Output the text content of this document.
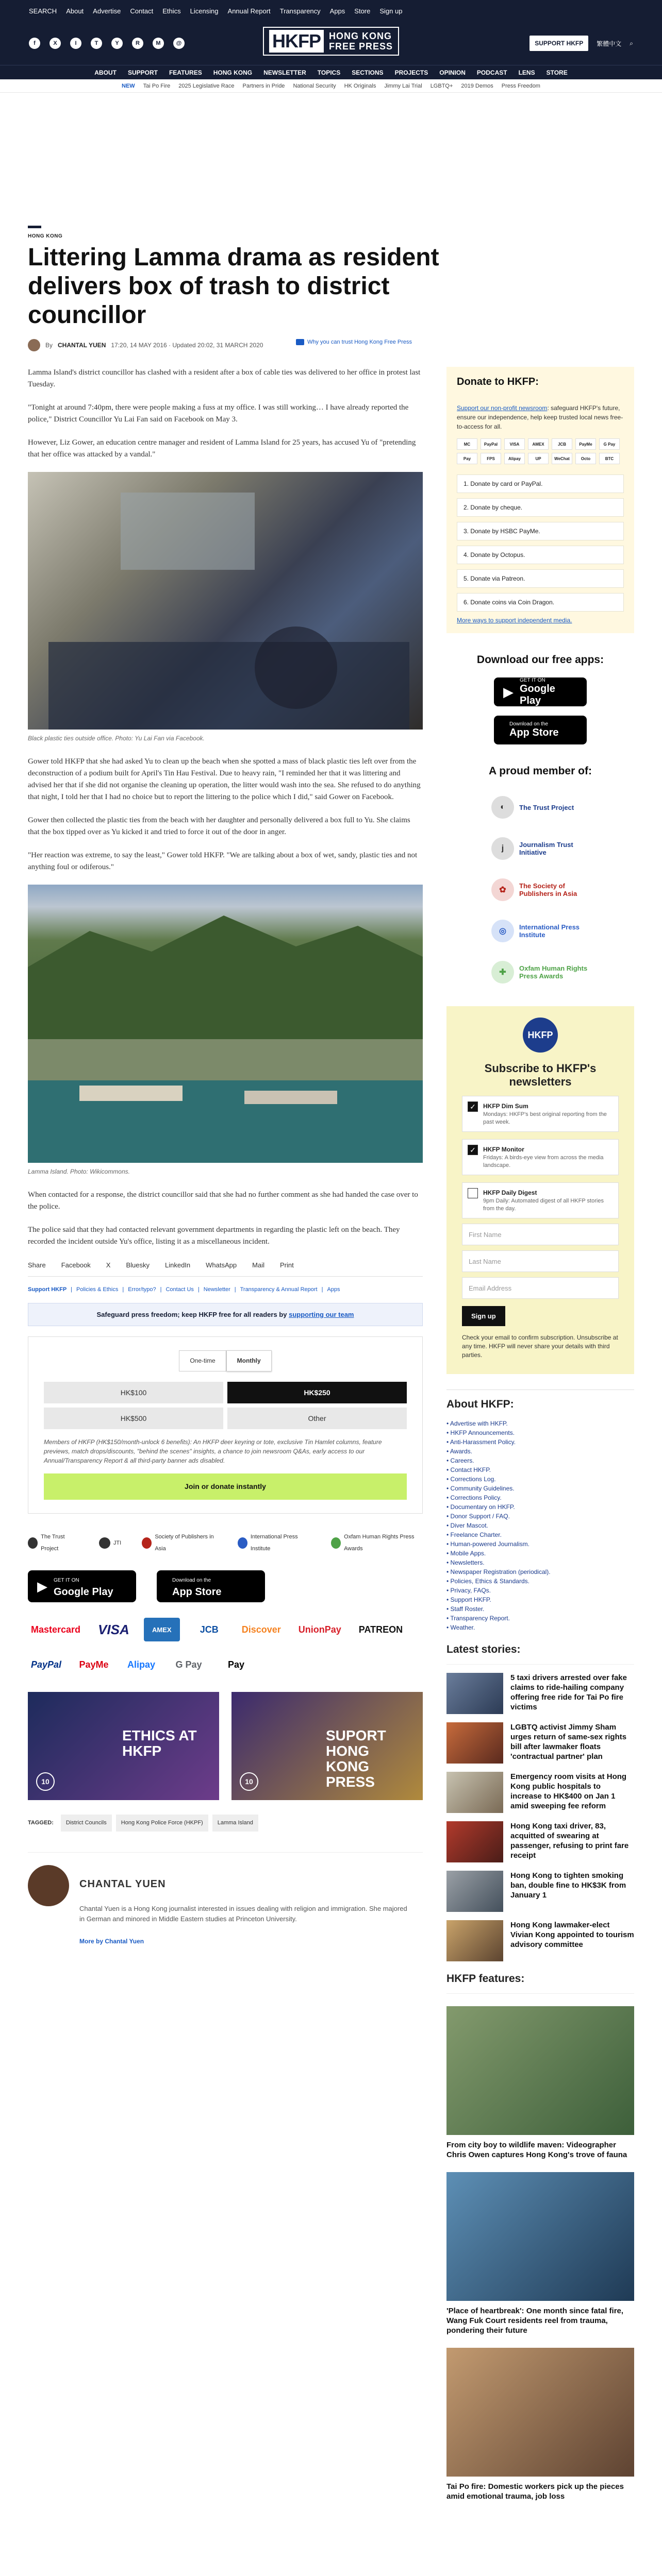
SEARCH About Advertise Contact Ethics Licensing Annual Report Transparency Apps Store Sign up
f	X	I	T	Y	R	M	@	HKFP HONG KONG
FREE PRESS	SUPPORT HKFP	繁體中文 ⌕
ABOUT SUPPORT FEATURES HONG KONG NEWSLETTER TOPICS SECTIONS PROJECTS OPINION PODCAST LENS STORE
NEW Tai Po Fire 2025 Legislative Race Partners in Pride National Security HK Originals Jimmy Lai Trial LGBTQ+ 2019 Demos Press Freedom
HONG KONG
Littering Lamma drama as resident delivers box of trash to district councillor
By CHANTAL YUEN 17:20, 14 MAY 2016 · Updated 20:02, 31 MARCH 2020	Why you can trust Hong Kong Free Press

Lamma Island's district councillor has clashed with a resident after a box of cable ties was delivered to her office in protest last Tuesday.

"Tonight at around 7:40pm, there were people making a fuss at my office. I was still working… I have already reported the police," District Councillor Yu Lai Fan said on Facebook on May 3.

However, Liz Gower, an education centre manager and resident of Lamma Island for 25 years, has accused Yu of "pretending that her office was attacked by a vandal."

Black plastic ties outside office. Photo: Yu Lai Fan via Facebook.

Gower told HKFP that she had asked Yu to clean up the beach when she spotted a mass of black plastic ties left over from the deconstruction of a podium built for April's Tin Hau Festival. Due to heavy rain, "I reminded her that it was littering and advised her that if she did not organise the cleaning up operation, the litter would wash into the sea. She refused to do anything that night, I told her that I had no choice but to report the littering to the police which I did," said Gower on Facebook.

Gower then collected the plastic ties from the beach with her daughter and personally delivered a box full to Yu. She claims that the box tipped over as Yu kicked it and tried to force it out of the door in anger.

"Her reaction was extreme, to say the least," Gower told HKFP. "We are talking about a box of wet, sandy, plastic ties and not anything foul or odiferous."

Lamma Island. Photo: Wikicommons.

When contacted for a response, the district councillor said that she had no further comment as she had handed the case over to the police.

The police said that they had contacted relevant government departments in regarding the plastic left on the beach. They recorded the incident outside Yu's office, listing it as a miscellaneous incident.

Share Facebook X Bluesky LinkedIn WhatsApp Mail Print
Support HKFP | Policies & Ethics | Error/typo? | Contact Us | Newsletter | Transparency & Annual Report | Apps
Safeguard press freedom; keep HKFP free for all readers by supporting our team
One-time	Monthly
HK$100	HK$250
HK$500	Other
Members of HKFP (HK$150/month-unlock 6 benefits): An HKFP deer keyring or tote, exclusive Tin Hamlet columns, feature previews, match drops/discounts, "behind the scenes" insights, a chance to join newsroom Q&As, early access to our Annual/Transparency Report & all third-party banner ads disabled.
Join or donate instantly
The Trust Project
JTI
Society of Publishers in Asia
International Press Institute
Oxfam Human Rights Press Awards
▶ GET IT ON
Google Play
Download on the
App Store
Mastercard VISA	AMEX	JCB	Discover	UnionPay	PATREON
PayPal	PayMe	Alipay	G Pay	Pay
ETHICS AT HKFP
10
SUPORT HONG KONG PRESS
10
TAGGED:	District Councils	Hong Kong Police Force (HKPF)	Lamma Island
CHANTAL YUEN

Chantal Yuen is a Hong Kong journalist interested in issues dealing with religion and immigration. She majored in German and minored in Middle Eastern studies at Princeton University.

More by Chantal Yuen
Donate to HKFP:
Support our non-profit newsroom: safeguard HKFP's future, ensure our independence, help keep trusted local news free-to-access for all.
MC	PayPal	VISA	AMEX	JCB	PayMe	G Pay
Pay	FPS	Alipay	UP	WeChat	Octo	BTC
1. Donate by card or PayPal.
2. Donate by cheque.
3. Donate by HSBC PayMe.
4. Donate by Octopus.
5. Donate via Patreon.
6. Donate coins via Coin Dragon.
More ways to support independent media.
Download our free apps:
▶
GET IT ON
Google Play
Download on the
App Store
A proud member of:
◐	The Trust Project
j	Journalism Trust Initiative
✿	The Society of Publishers in Asia
◎	International Press Institute
✚	Oxfam Human Rights Press Awards
HKFP
Subscribe to HKFP's newsletters
✓	HKFP Dim Sum

Mondays: HKFP's best original reporting from the past week.

✓	HKFP Monitor

Fridays: A birds-eye view from across the media landscape.

HKFP Daily Digest

9pm Daily: Automated digest of all HKFP stories from the day.

First Name
Last Name
Email Address
Sign up
Check your email to confirm subscription. Unsubscribe at any time. HKFP will never share your details with third parties.
About HKFP:
• Advertise with HKFP.
• HKFP Announcements.
• Anti-Harassment Policy.
• Awards.
• Careers.
• Contact HKFP.
• Corrections Log.
• Community Guidelines.
• Corrections Policy.
• Documentary on HKFP.
• Donor Support / FAQ.
• Diver Mascot.
• Freelance Charter.
• Human-powered Journalism.
• Mobile Apps.
• Newsletters.
• Newspaper Registration (periodical).
• Policies, Ethics & Standards.
• Privacy, FAQs.
• Support HKFP.
• Staff Roster.
• Transparency Report.
• Weather.
Latest stories:

5 taxi drivers arrested over fake claims to ride-hailing company offering free ride for Tai Po fire victims

LGBTQ activist Jimmy Sham urges return of same-sex rights bill after lawmaker floats 'contractual partner' plan

Emergency room visits at Hong Kong public hospitals to increase to HK$400 on Jan 1 amid sweeping fee reform

Hong Kong taxi driver, 83, acquitted of swearing at passenger, refusing to print fare receipt

Hong Kong to tighten smoking ban, double fine to HK$3K from January 1

Hong Kong lawmaker-elect Vivian Kong appointed to tourism advisory committee

HKFP features:

From city boy to wildlife maven: Videographer Chris Owen captures Hong Kong's trove of fauna

'Place of heartbreak': One month since fatal fire, Wang Fuk Court residents reel from trauma, pondering their future

Tai Po fire: Domestic workers pick up the pieces amid emotional trauma, job loss
